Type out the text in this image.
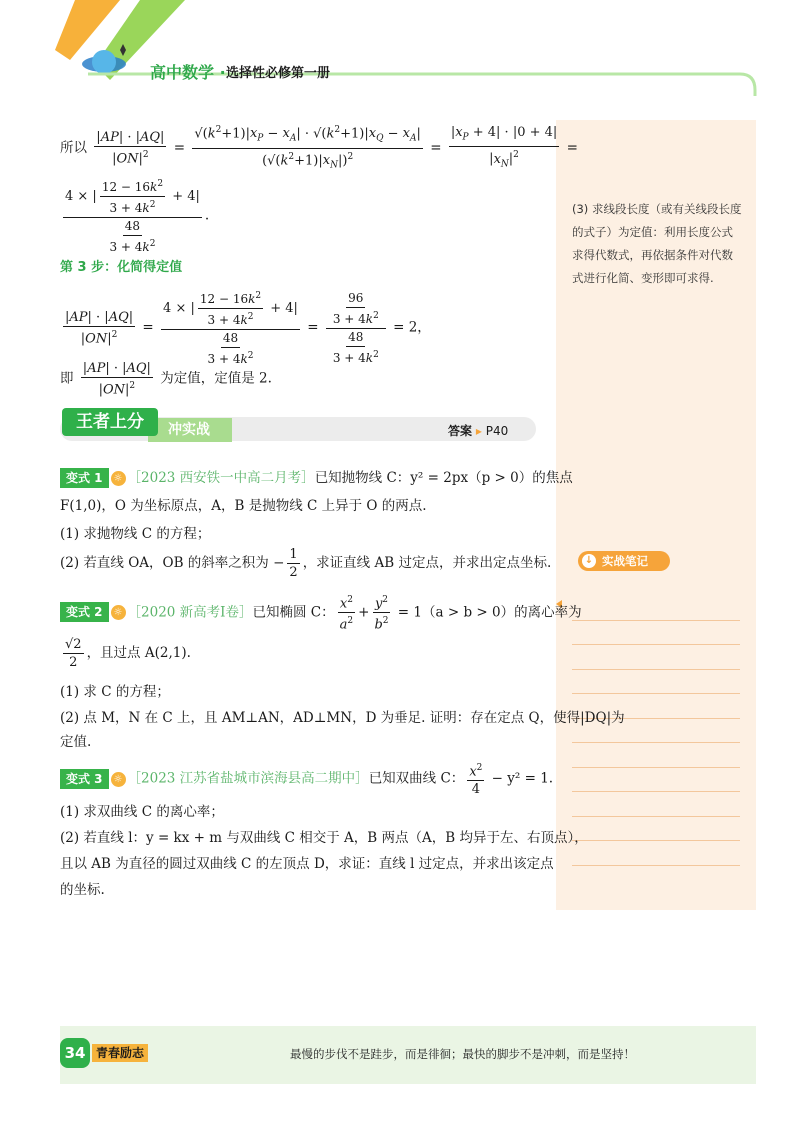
高中数学 · 选择性必修第一册
(3) 求线段长度（或有关线段长度的式子）为定值：利用长度公式求得代数式，再依据条件对代数式进行化简、变形即可求得.
↓ 实战笔记
所以 $\frac{|AP| \cdot |AQ|}{|ON|^2} = \frac{√(k^2+1)|x_P - x_A| \cdot √(k^2+1)|x_Q - x_A|}{(√(k^2+1)|x_N|)^2} = \frac{|x_P + 4| \cdot |0 + 4|}{|x_N|^2}$ =
$\frac{4 \times | \frac{12 - 16k^2}{3 + 4k^2} + 4|}{\frac{48}{3 + 4k^2}}$ .
第 3 步：化简得定值
$\frac{|AP| \cdot |AQ|}{|ON|^2} = \frac{4 \times | \frac{12 - 16k^2}{3 + 4k^2} + 4|}{\frac{48}{3 + 4k^2}} = \frac{\frac{96}{3 + 4k^2}}{\frac{48}{3 + 4k^2}} = 2$，
即 $\frac{|AP| \cdot |AQ|}{|ON|^2}$ 为定值，定值是 2.
冲实战
王者上分	答案 ▸ P40
变式 1 ☼ ［2023 西安铁一中高二月考］已知抛物线 C：y² = 2px（p > 0）的焦点
F(1,0)，O 为坐标原点，A，B 是抛物线 C 上异于 O 的两点.
(1) 求抛物线 C 的方程；
(2) 若直线 OA，OB 的斜率之积为 − $\frac{1}{2}$ ，求证直线 AB 过定点，并求出定点坐标.
变式 2 ☼ ［2020 新高考Ⅰ卷］已知椭圆 C： $\frac{x^2}{a^2} + \frac{y^2}{b^2} = 1(a > b > 0)$的离心率为
$\frac{√2}{2}$ ，且过点 A(2,1).
(1) 求 C 的方程；
(2) 点 M，N 在 C 上，且 AM⊥AN，AD⊥MN，D 为垂足. 证明：存在定点 Q，使得|DQ|为
定值.
变式 3 ☼ ［2023 江苏省盐城市滨海县高二期中］已知双曲线 C： $\frac{x^2}{4} - y^2 = 1$.
(1) 求双曲线 C 的离心率；
(2) 若直线 l：y = kx + m 与双曲线 C 相交于 A，B 两点（A，B 均异于左、右顶点），
且以 AB 为直径的圆过双曲线 C 的左顶点 D，求证：直线 l 过定点，并求出该定点
的坐标.
34 青春励志	最慢的步伐不是跬步，而是徘徊；最快的脚步不是冲刺，而是坚持！
